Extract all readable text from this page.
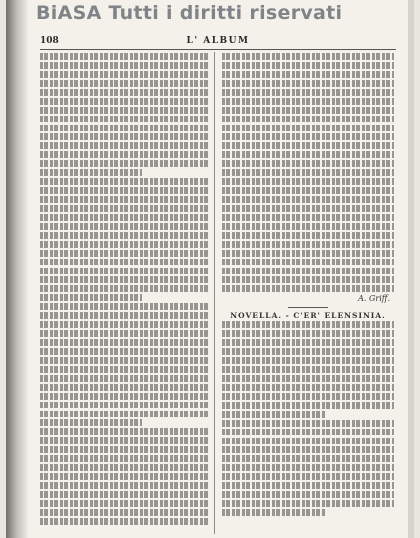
BiASA Tutti i diritti riservati
108	L' ALBUM
A. Griff.
NOVELLA. - C'ER' ELENSINIA.
